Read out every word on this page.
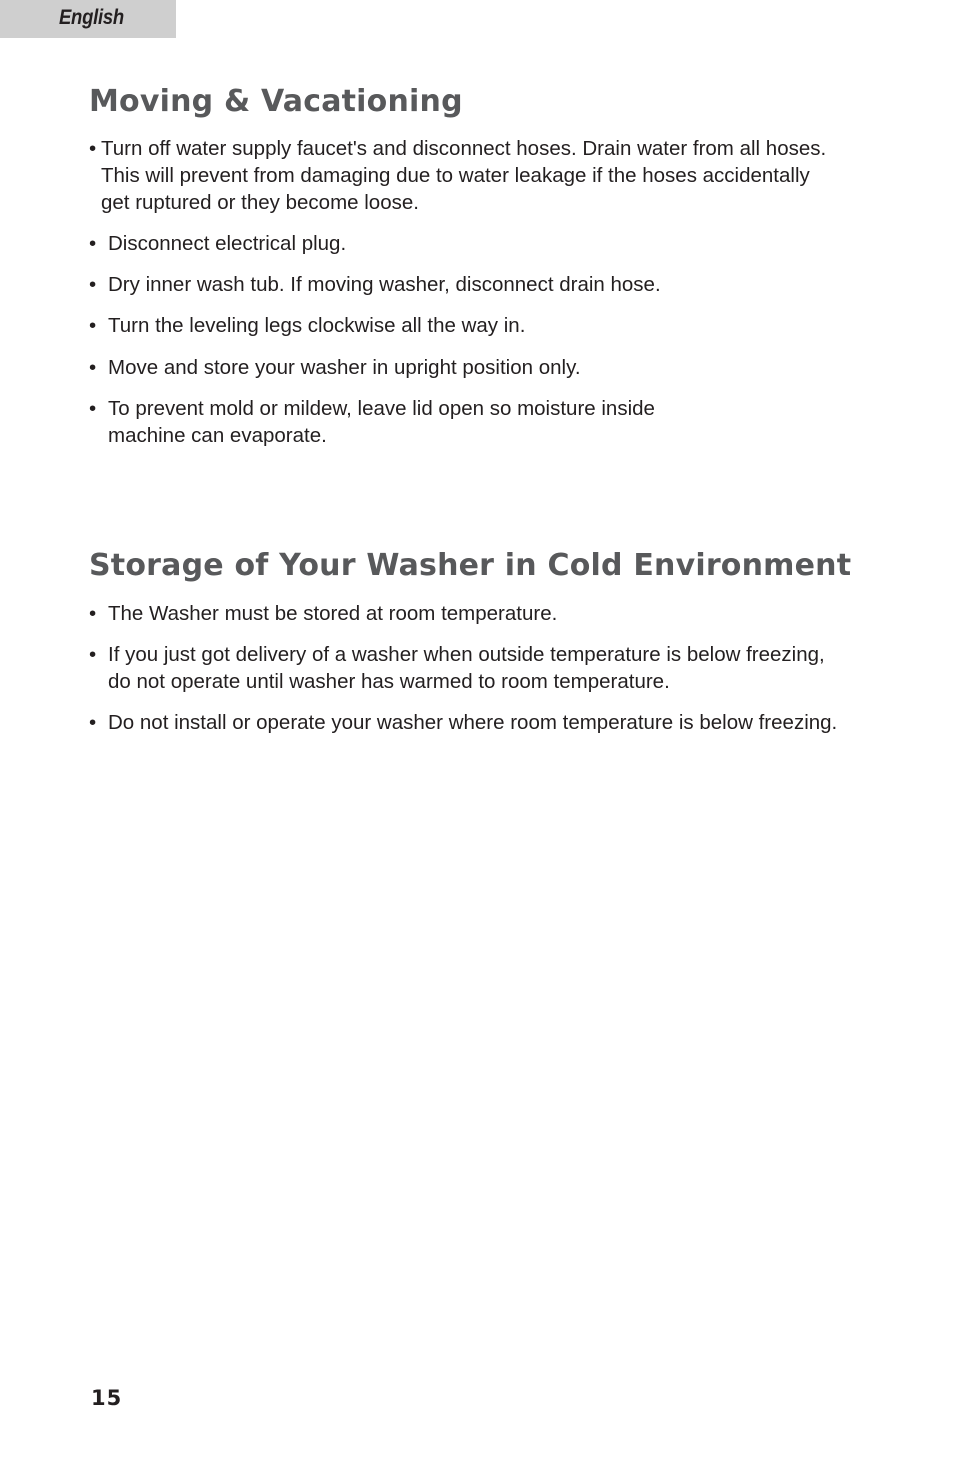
English
Moving & Vacationing
• Turn off water supply faucet's and disconnect hoses. Drain water from all hoses.
This will prevent from damaging due to water leakage if the hoses accidentally
get ruptured or they become loose.
• Disconnect electrical plug.
• Dry inner wash tub. If moving washer, disconnect drain hose.
• Turn the leveling legs clockwise all the way in.
• Move and store your washer in upright position only.
• To prevent mold or mildew, leave lid open so moisture inside
machine can evaporate.
Storage of Your Washer in Cold Environment
• The Washer must be stored at room temperature.
• If you just got delivery of a washer when outside temperature is below freezing,
do not operate until washer has warmed to room temperature.
• Do not install or operate your washer where room temperature is below freezing.
15
